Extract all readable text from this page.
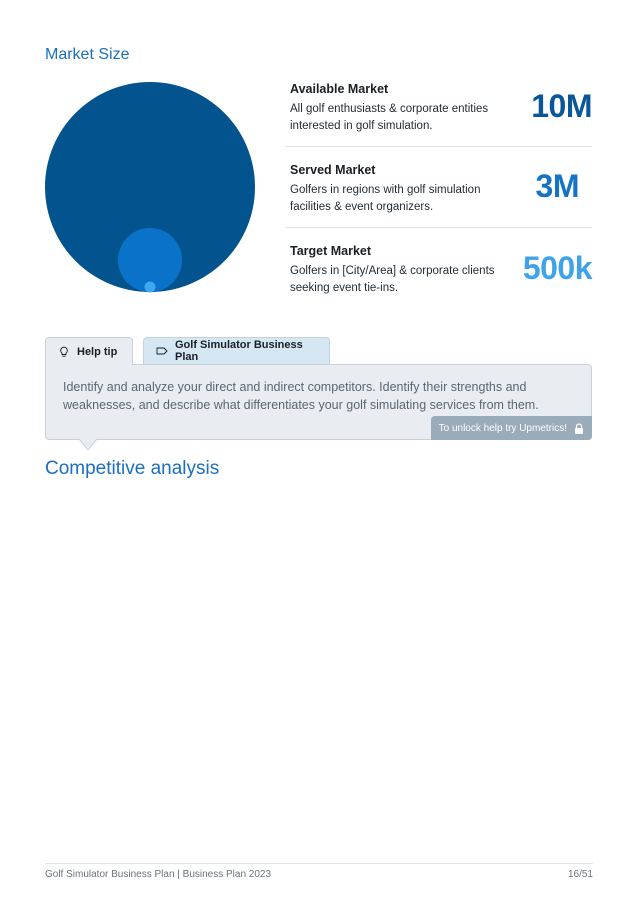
Market Size
Available Market
All golf enthusiasts & corporate entities interested in golf simulation.
10M
Served Market
Golfers in regions with golf simulation facilities & event organizers.
3M
Target Market
Golfers in [City/Area] & corporate clients seeking event tie-ins.
500k
Help tip
Golf Simulator Business Plan
Identify and analyze your direct and indirect competitors. Identify their strengths and weaknesses, and describe what differentiates your golf simulating services from them.
To unlock help try Upmetrics!
Competitive analysis
Golf Simulator Business Plan | Business Plan 2023	16/51
